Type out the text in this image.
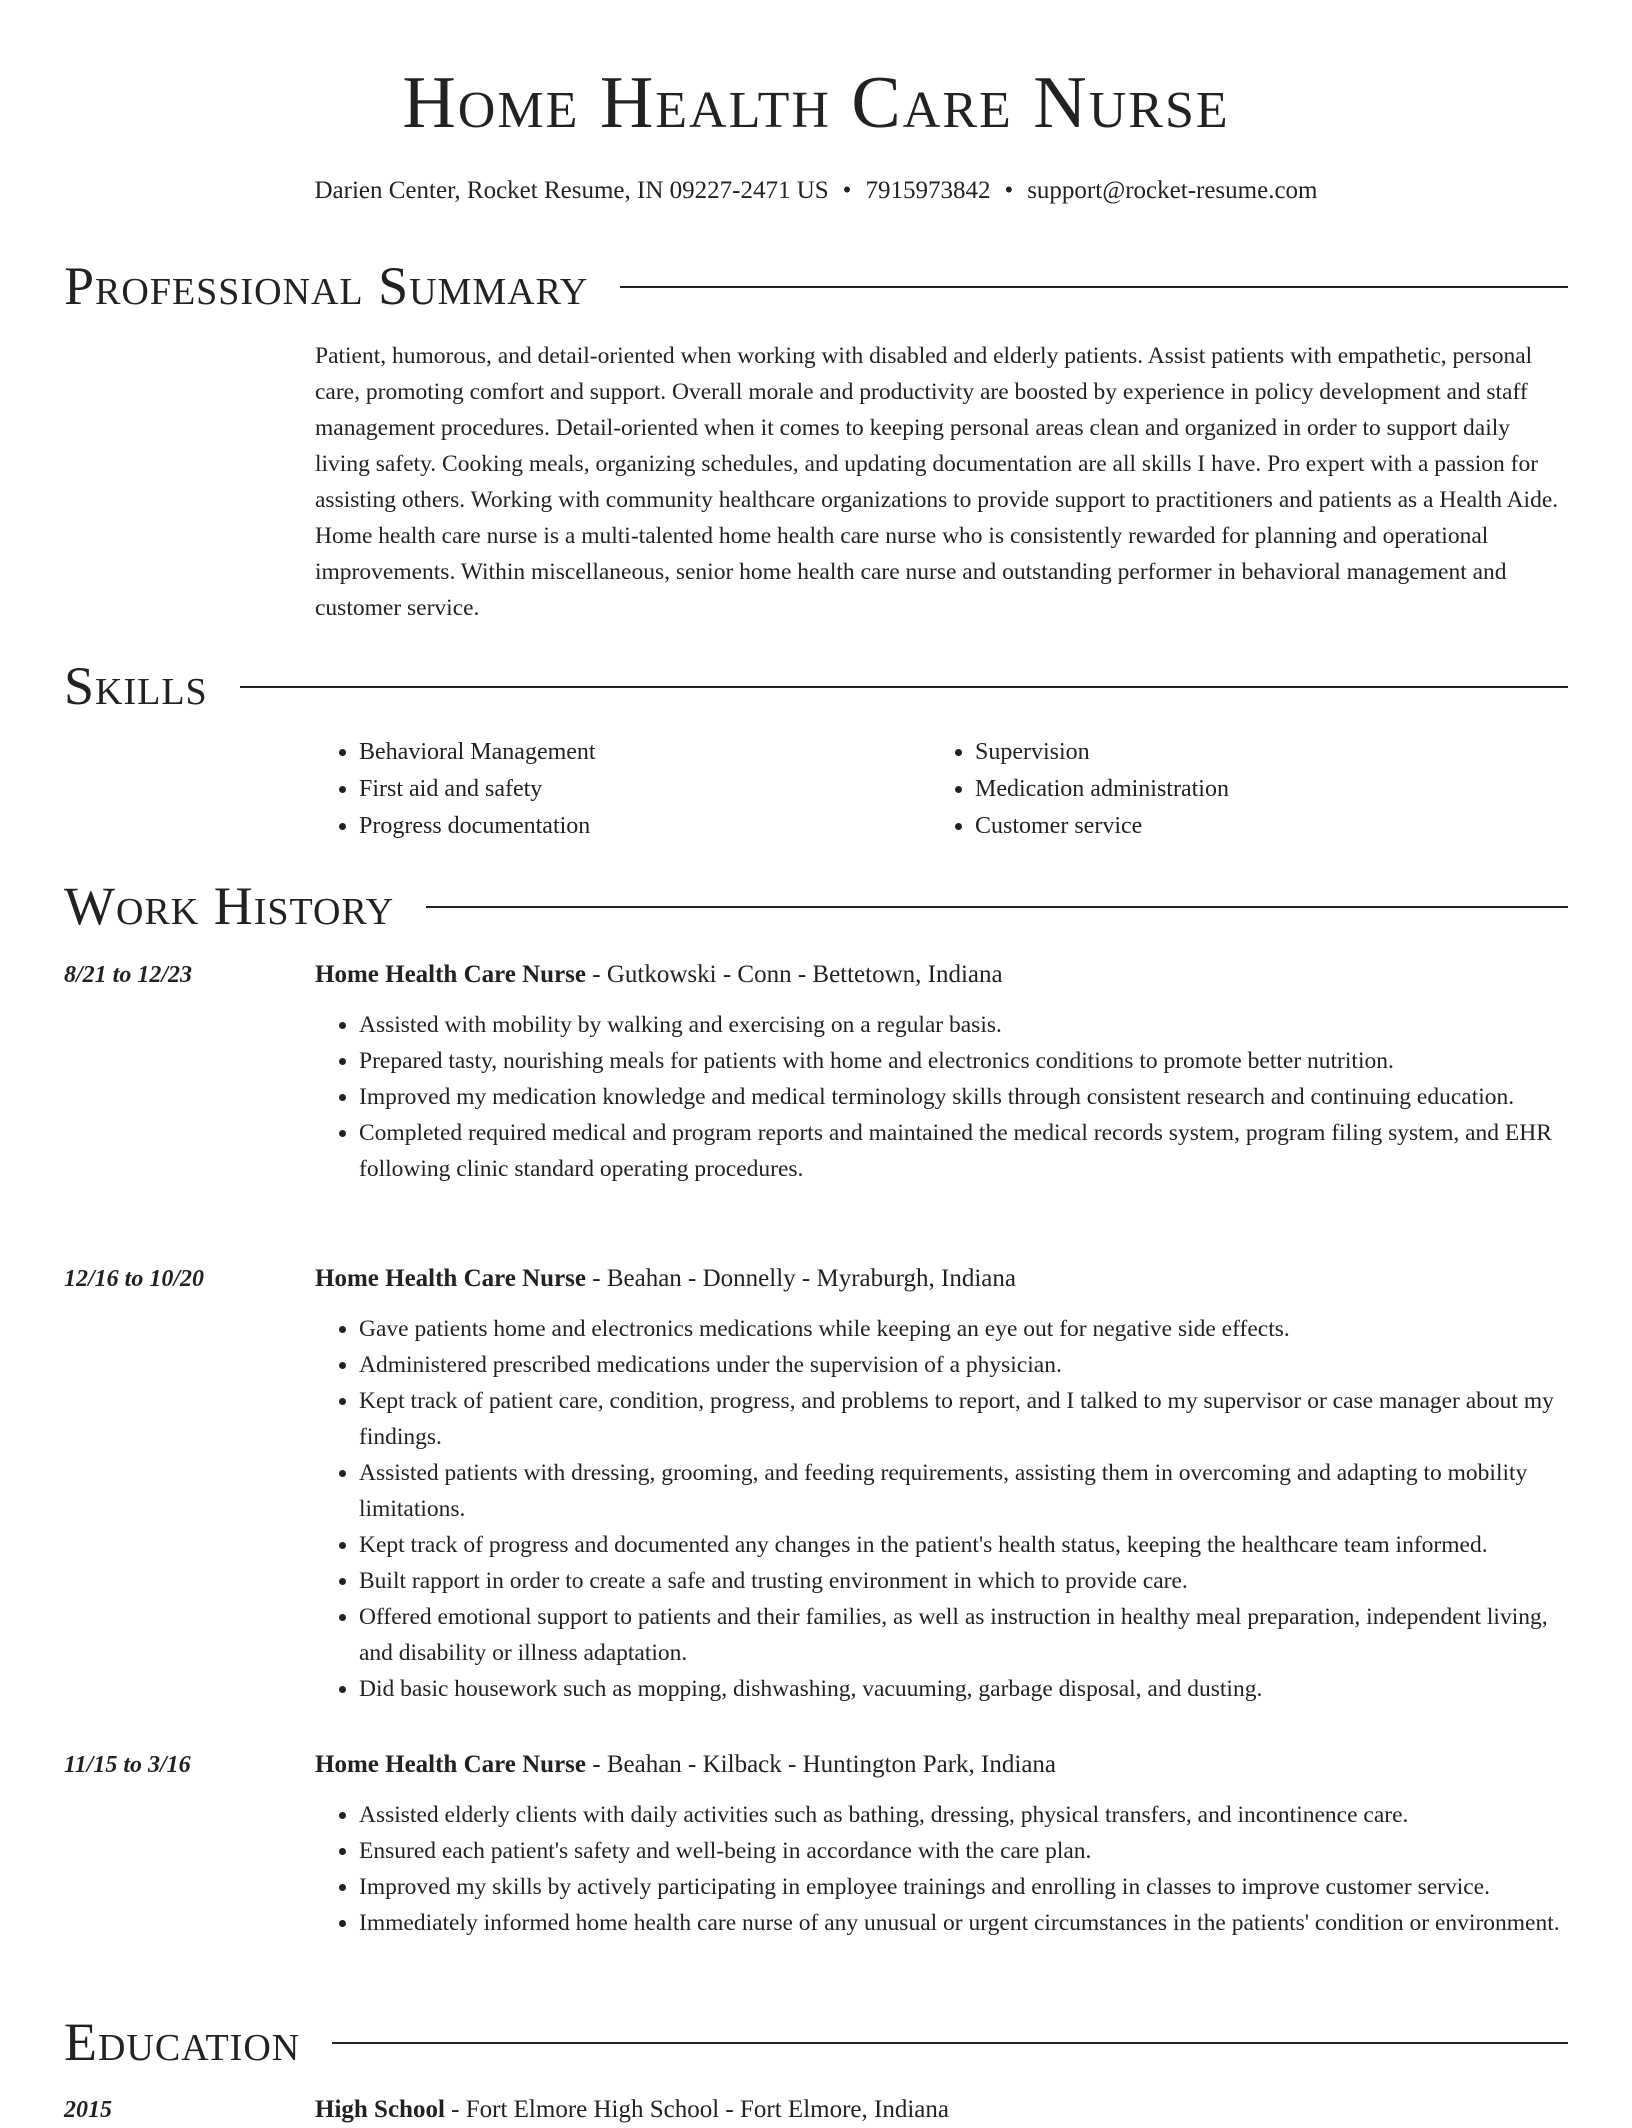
Home Health Care Nurse
Darien Center, Rocket Resume, IN 09227-2471 US • 7915973842 • support@rocket-resume.com
Professional Summary

Patient, humorous, and detail-oriented when working with disabled and elderly patients. Assist patients with empathetic, personal care, promoting comfort and support. Overall morale and productivity are boosted by experience in policy development and staff management procedures. Detail-oriented when it comes to keeping personal areas clean and organized in order to support daily living safety. Cooking meals, organizing schedules, and updating documentation are all skills I have. Pro expert with a passion for assisting others. Working with community healthcare organizations to provide support to practitioners and patients as a Health Aide. Home health care nurse is a multi-talented home health care nurse who is consistently rewarded for planning and operational improvements. Within miscellaneous, senior home health care nurse and outstanding performer in behavioral management and customer service.

Skills
• Behavioral Management
• First aid and safety
• Progress documentation
• Supervision
• Medication administration
• Customer service
Work History
8/21 to 12/23	Home Health Care Nurse - Gutkowski - Conn - Bettetown, Indiana
• Assisted with mobility by walking and exercising on a regular basis.
• Prepared tasty, nourishing meals for patients with home and electronics conditions to promote better nutrition.
• Improved my medication knowledge and medical terminology skills through consistent research and continuing education.
• Completed required medical and program reports and maintained the medical records system, program filing system, and EHR following clinic standard operating procedures.
12/16 to 10/20	Home Health Care Nurse - Beahan - Donnelly - Myraburgh, Indiana
• Gave patients home and electronics medications while keeping an eye out for negative side effects.
• Administered prescribed medications under the supervision of a physician.
• Kept track of patient care, condition, progress, and problems to report, and I talked to my supervisor or case manager about my findings.
• Assisted patients with dressing, grooming, and feeding requirements, assisting them in overcoming and adapting to mobility limitations.
• Kept track of progress and documented any changes in the patient's health status, keeping the healthcare team informed.
• Built rapport in order to create a safe and trusting environment in which to provide care.
• Offered emotional support to patients and their families, as well as instruction in healthy meal preparation, independent living, and disability or illness adaptation.
• Did basic housework such as mopping, dishwashing, vacuuming, garbage disposal, and dusting.
11/15 to 3/16	Home Health Care Nurse - Beahan - Kilback - Huntington Park, Indiana
• Assisted elderly clients with daily activities such as bathing, dressing, physical transfers, and incontinence care.
• Ensured each patient's safety and well-being in accordance with the care plan.
• Improved my skills by actively participating in employee trainings and enrolling in classes to improve customer service.
• Immediately informed home health care nurse of any unusual or urgent circumstances in the patients' condition or environment.
Education
2015	High School - Fort Elmore High School - Fort Elmore, Indiana
